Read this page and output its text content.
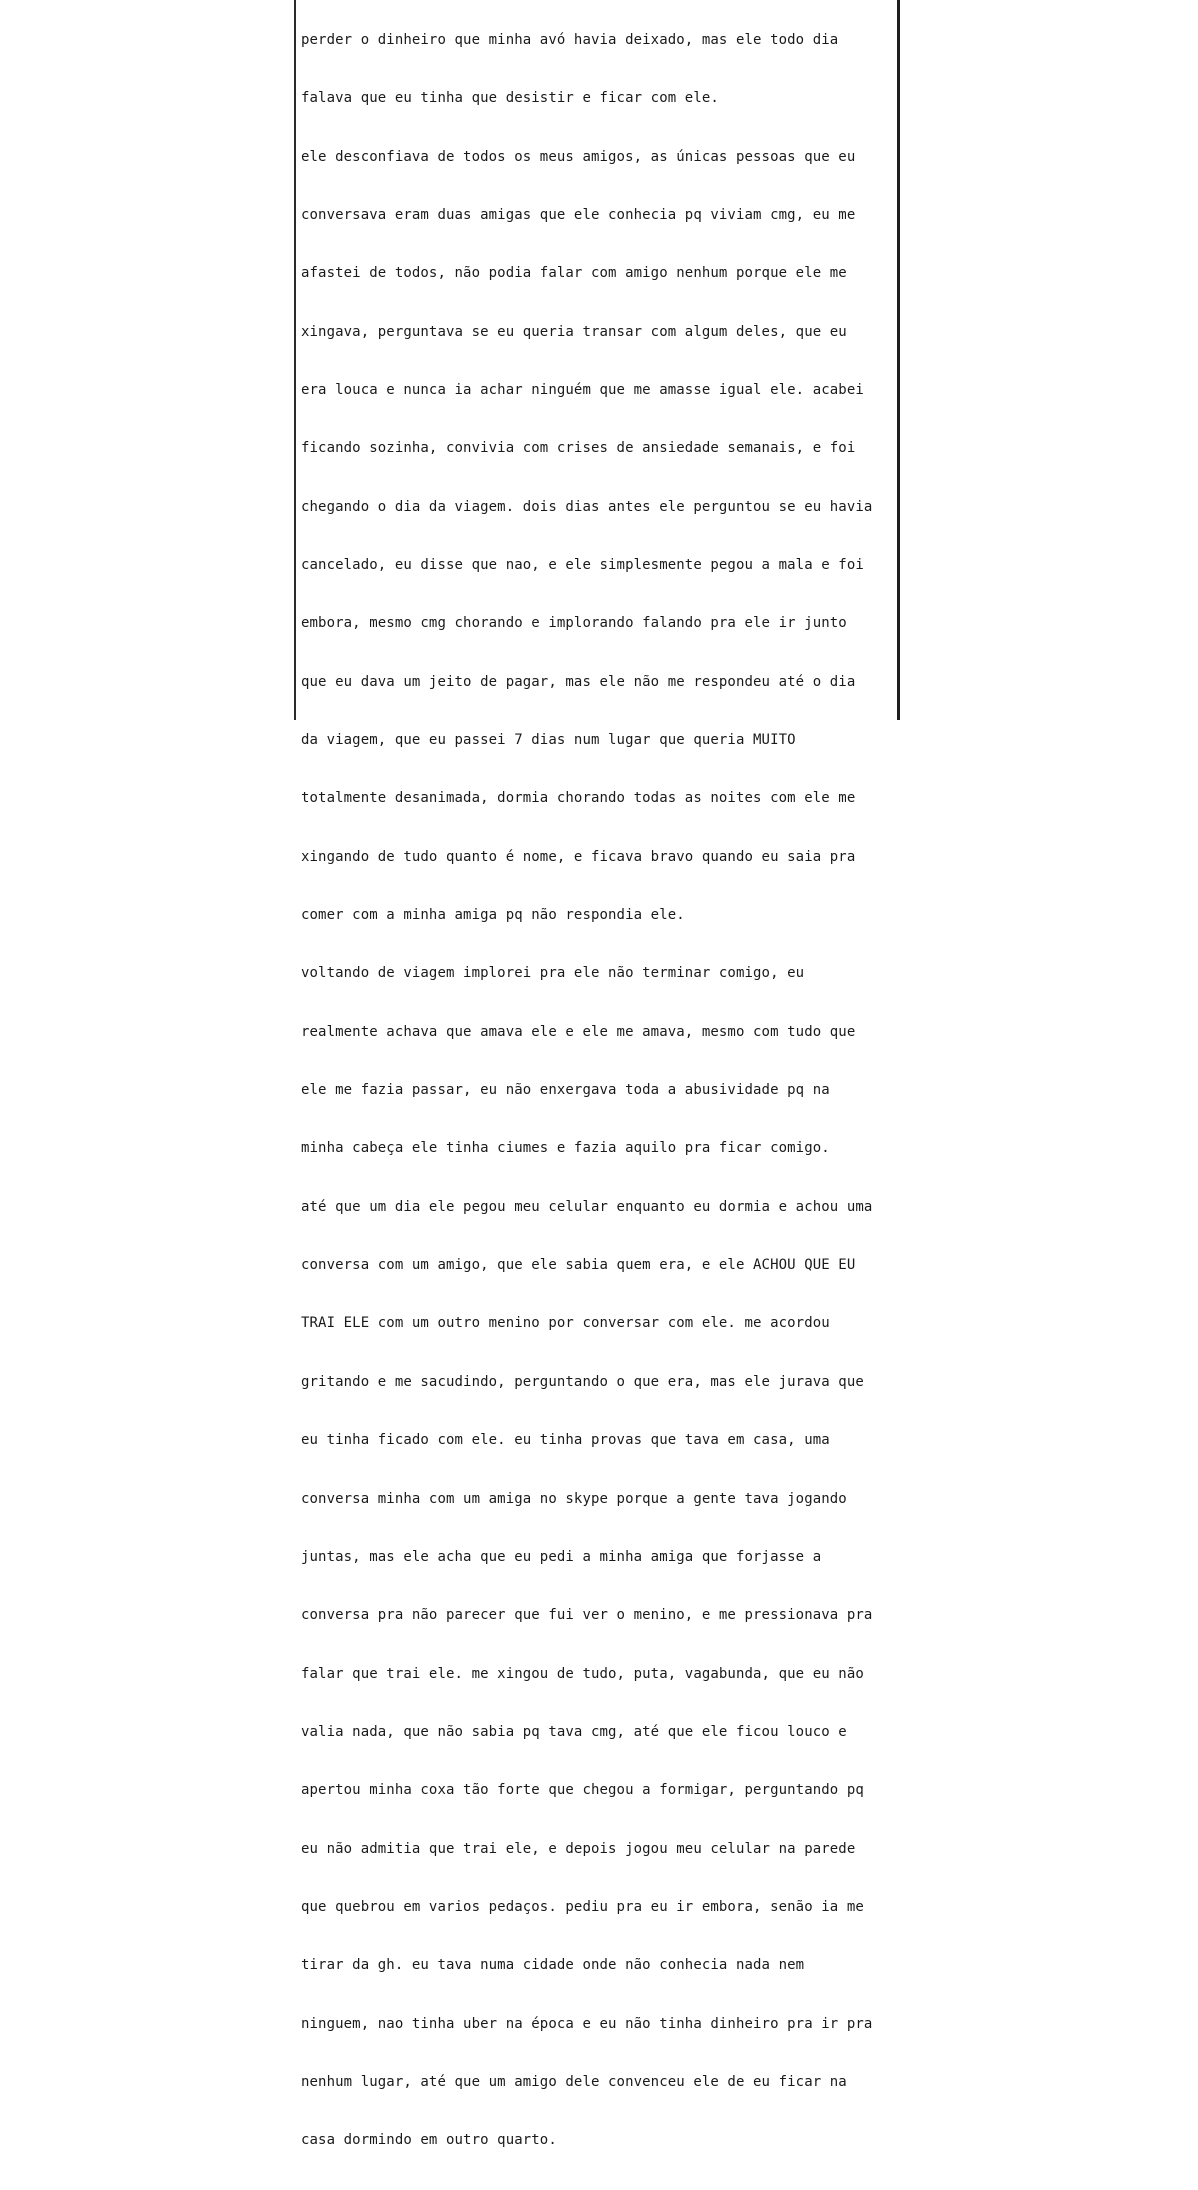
perder o dinheiro que minha avó havia deixado, mas ele todo dia

falava que eu tinha que desistir e ficar com ele.

ele desconfiava de todos os meus amigos, as únicas pessoas que eu

conversava eram duas amigas que ele conhecia pq viviam cmg, eu me

afastei de todos, não podia falar com amigo nenhum porque ele me

xingava, perguntava se eu queria transar com algum deles, que eu

era louca e nunca ia achar ninguém que me amasse igual ele. acabei

ficando sozinha, convivia com crises de ansiedade semanais, e foi

chegando o dia da viagem. dois dias antes ele perguntou se eu havia

cancelado, eu disse que nao, e ele simplesmente pegou a mala e foi

embora, mesmo cmg chorando e implorando falando pra ele ir junto

que eu dava um jeito de pagar, mas ele não me respondeu até o dia

da viagem, que eu passei 7 dias num lugar que queria MUITO

totalmente desanimada, dormia chorando todas as noites com ele me

xingando de tudo quanto é nome, e ficava bravo quando eu saia pra

comer com a minha amiga pq não respondia ele.

voltando de viagem implorei pra ele não terminar comigo, eu

realmente achava que amava ele e ele me amava, mesmo com tudo que

ele me fazia passar, eu não enxergava toda a abusividade pq na

minha cabeça ele tinha ciumes e fazia aquilo pra ficar comigo.

até que um dia ele pegou meu celular enquanto eu dormia e achou uma

conversa com um amigo, que ele sabia quem era, e ele ACHOU QUE EU

TRAI ELE com um outro menino por conversar com ele. me acordou

gritando e me sacudindo, perguntando o que era, mas ele jurava que

eu tinha ficado com ele. eu tinha provas que tava em casa, uma

conversa minha com um amiga no skype porque a gente tava jogando

juntas, mas ele acha que eu pedi a minha amiga que forjasse a

conversa pra não parecer que fui ver o menino, e me pressionava pra

falar que trai ele. me xingou de tudo, puta, vagabunda, que eu não

valia nada, que não sabia pq tava cmg, até que ele ficou louco e

apertou minha coxa tão forte que chegou a formigar, perguntando pq

eu não admitia que trai ele, e depois jogou meu celular na parede

que quebrou em varios pedaços. pediu pra eu ir embora, senão ia me

tirar da gh. eu tava numa cidade onde não conhecia nada nem

ninguem, nao tinha uber na época e eu não tinha dinheiro pra ir pra

nenhum lugar, até que um amigo dele convenceu ele de eu ficar na

casa dormindo em outro quarto.
